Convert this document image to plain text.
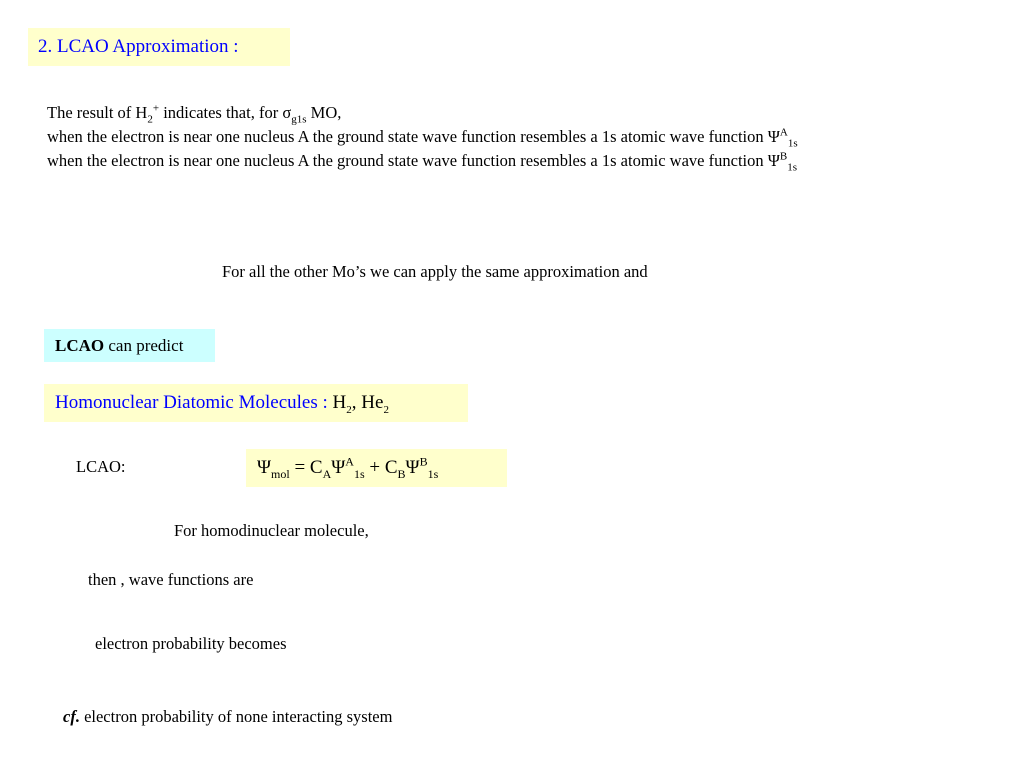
2. LCAO Approximation :
The result of $H_2^+$ indicates that, for $\sigma_{g1s}$ MO,
when the electron is near one nucleus A the ground state wave function resembles a 1s atomic wave function $\Psi^A_{1s}$
when the electron is near one nucleus A the ground state wave function resembles a 1s atomic wave function $\Psi^B_{1s}$
For all the other Mo’s we can apply the same approximation and
LCAO can predict
Homonuclear Diatomic Molecules : $H_2$, $He_2$
LCAO:	$\Psi_{mol} = C_A\Psi^A_{1s} + C_B\Psi^B_{1s}$
For homodinuclear molecule,
then , wave functions are
electron probability becomes
cf. electron probability of none interacting system
